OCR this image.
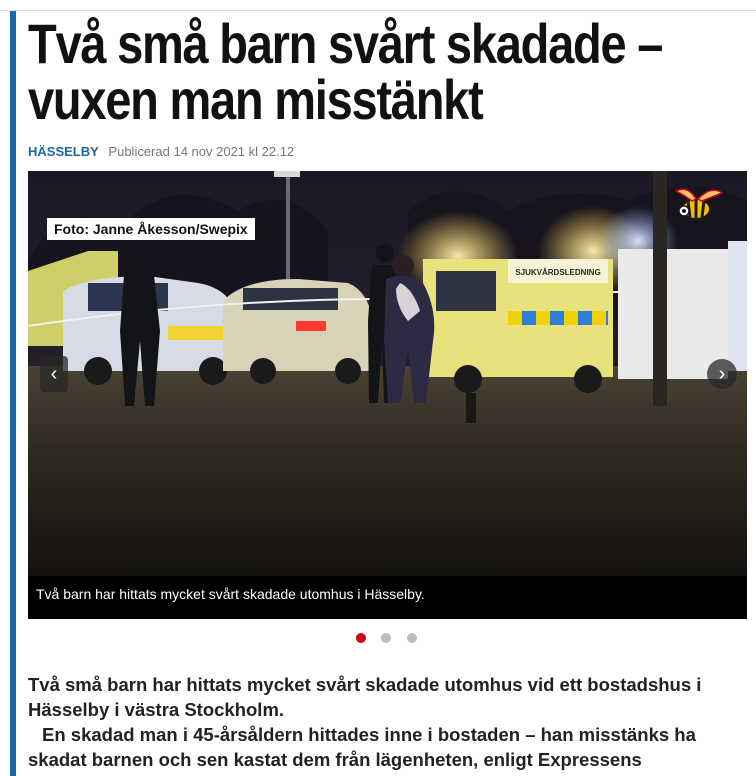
Två små barn svårt skadade –
vuxen man misstänkt
HÄSSELBY Publicerad 14 nov 2021 kl 22.12
SJUKVÅRDSLEDNING
Foto: Janne Åkesson/Swepix
‹	›
Två barn har hittats mycket svårt skadade utomhus i Hässelby.

Två små barn har hittats mycket svårt skadade utomhus vid ett bostadshus i Hässelby i västra Stockholm.

En skadad man i 45-årsåldern hittades inne i bostaden – han misstänks ha skadat barnen och sen kastat dem från lägenheten, enligt Expressens
